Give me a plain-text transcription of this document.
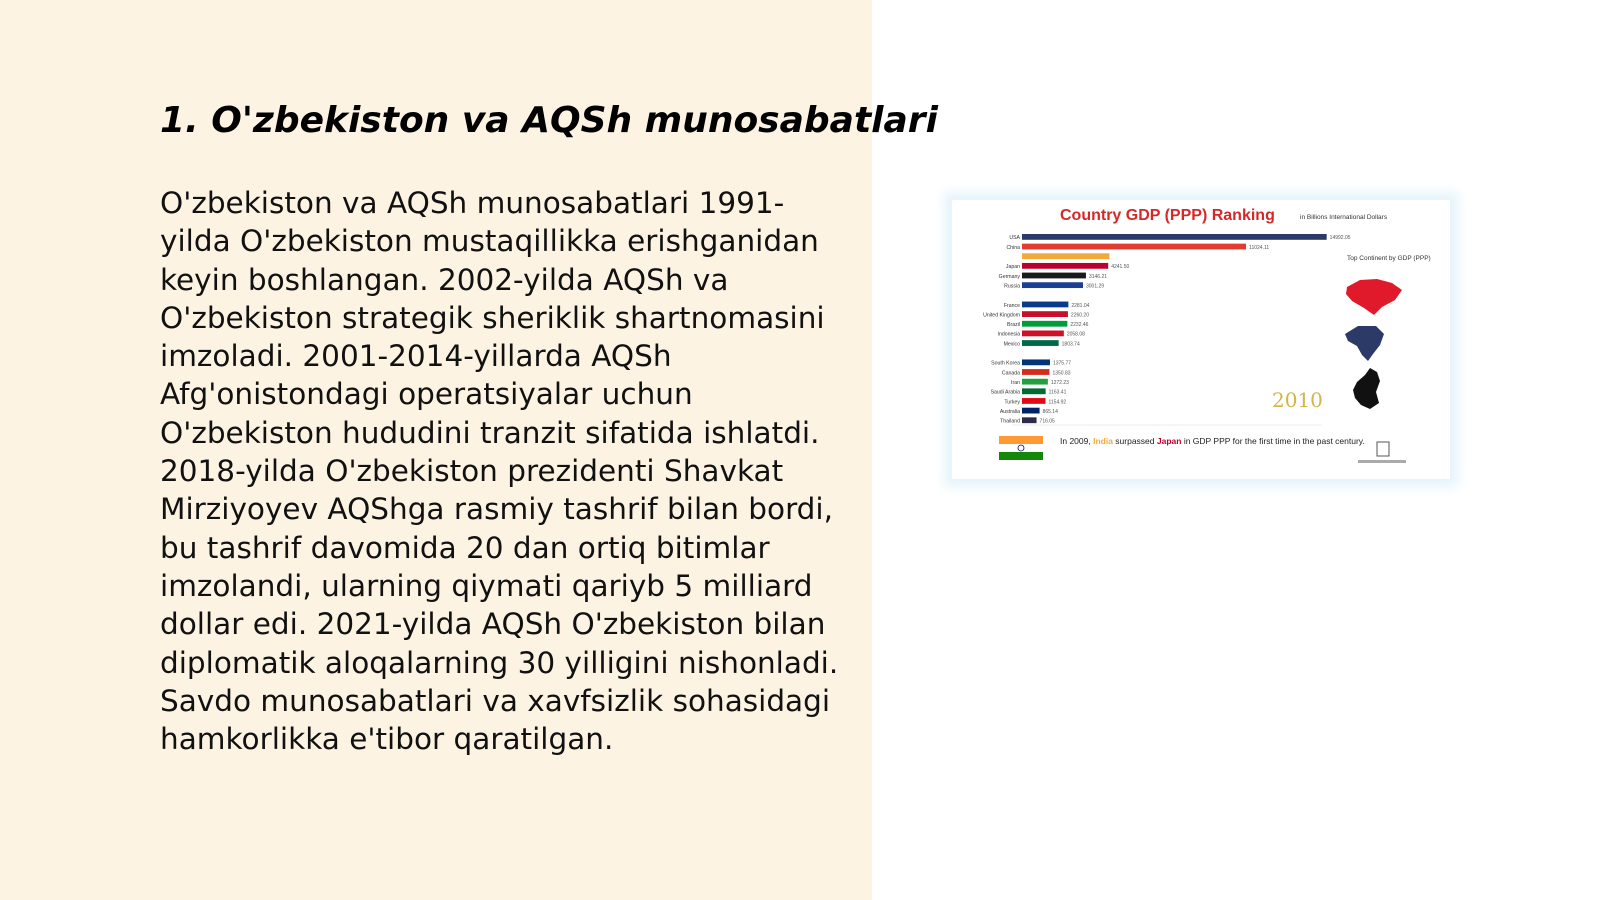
1. O'zbekiston va AQSh munosabatlari

O'zbekiston va AQSh munosabatlari 1991-yilda O'zbekiston mustaqillikka erishganidan keyin boshlangan. 2002-yilda AQSh va O'zbekiston strategik sheriklik shartnomasini imzoladi. 2001-2014-yillarda AQSh Afg'onistondagi operatsiyalar uchun O'zbekiston hududini tranzit sifatida ishlatdi. 2018-yilda O'zbekiston prezidenti Shavkat Mirziyoyev AQShga rasmiy tashrif bilan bordi, bu tashrif davomida 20 dan ortiq bitimlar imzolandi, ularning qiymati qariyb 5 milliard dollar edi. 2021-yilda AQSh O'zbekiston bilan diplomatik aloqalarning 30 yilligini nishonladi. Savdo munosabatlari va xavfsizlik sohasidagi hamkorlikka e'tibor qaratilgan.

Country GDP (PPP) Ranking	in Billions International Dollars
USA	14992.05
China	11024.11
Japan	4241.50
Germany	3146.21
Russia	3001.29
France	2281.04
United Kingdom	2260.20
Brazil	2232.46
Indonesia	2058.08
Mexico	1803.74
South Korea	1375.77
Canada	1350.83
Iran	1272.23
Saudi Arabia	1163.41
Turkey	1154.92
Australia	865.14
Thailand	716.05
Top Continent by GDP (PPP)
2010
In 2009, India surpassed Japan in GDP PPP for the first time in the past century.
